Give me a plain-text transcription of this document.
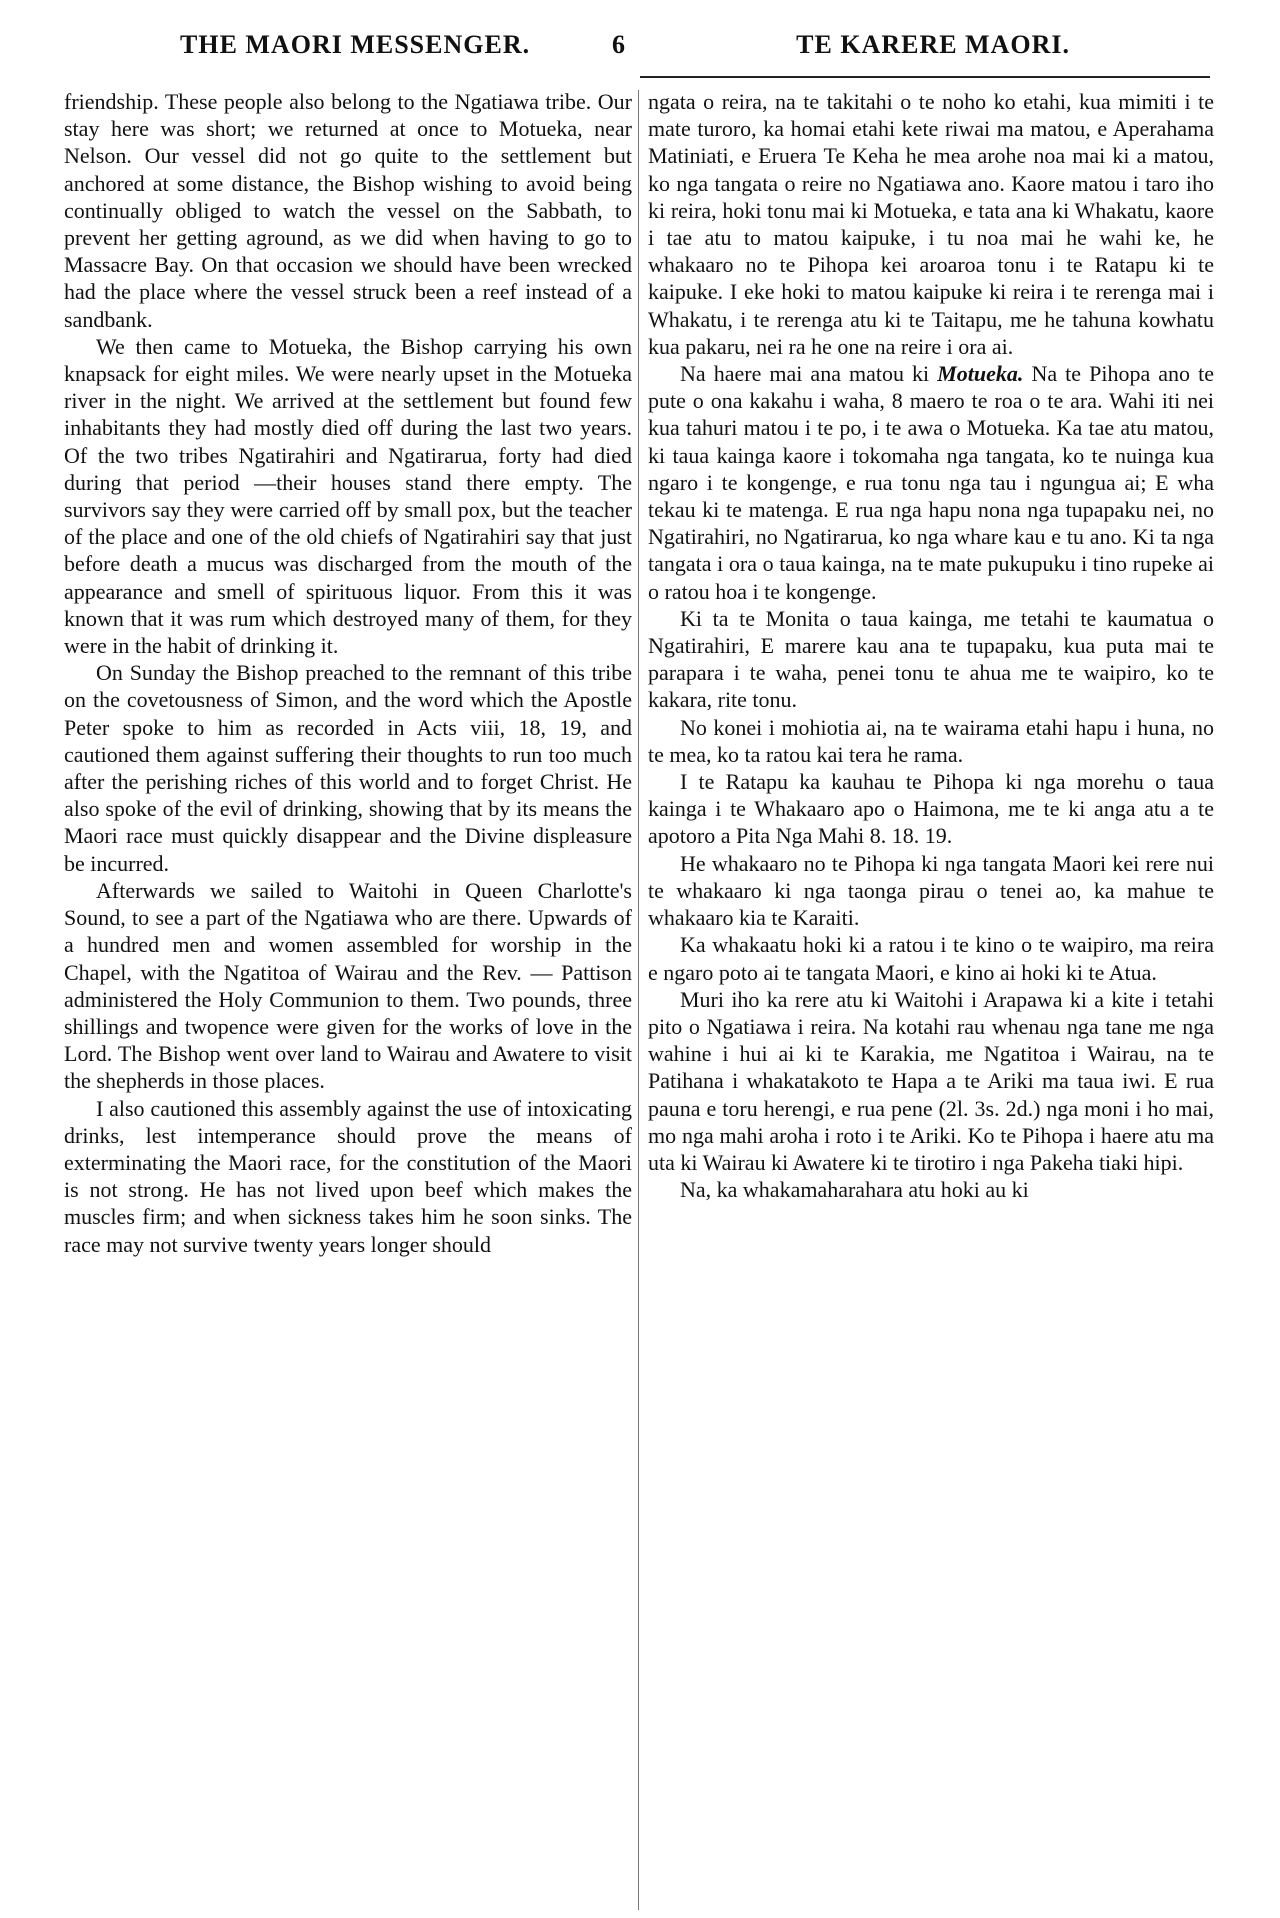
THE MAORI MESSENGER.	6	TE KARERE MAORI.

friendship. These people also belong to the Ngatiawa tribe. Our stay here was short; we returned at once to Motueka, near Nelson. Our vessel did not go quite to the settlement but anchored at some distance, the Bishop wishing to avoid being continually obliged to watch the vessel on the Sabbath, to prevent her getting aground, as we did when having to go to Massacre Bay. On that occasion we should have been wrecked had the place where the vessel struck been a reef instead of a sandbank.

We then came to Motueka, the Bishop carrying his own knapsack for eight miles. We were nearly upset in the Motueka river in the night. We arrived at the settlement but found few inhabitants they had mostly died off during the last two years. Of the two tribes Ngatirahiri and Ngatirarua, forty had died during that period —their houses stand there empty. The survivors say they were carried off by small pox, but the teacher of the place and one of the old chiefs of Ngatirahiri say that just before death a mucus was discharged from the mouth of the appearance and smell of spirituous liquor. From this it was known that it was rum which destroyed many of them, for they were in the habit of drinking it.

On Sunday the Bishop preached to the remnant of this tribe on the covetousness of Simon, and the word which the Apostle Peter spoke to him as recorded in Acts viii, 18, 19, and cautioned them against suffering their thoughts to run too much after the perishing riches of this world and to forget Christ. He also spoke of the evil of drinking, showing that by its means the Maori race must quickly disappear and the Divine displeasure be incurred.

Afterwards we sailed to Waitohi in Queen Charlotte's Sound, to see a part of the Ngatiawa who are there. Upwards of a hundred men and women assembled for worship in the Chapel, with the Ngatitoa of Wairau and the Rev. — Pattison administered the Holy Communion to them. Two pounds, three shillings and twopence were given for the works of love in the Lord. The Bishop went over land to Wairau and Awatere to visit the shepherds in those places.

I also cautioned this assembly against the use of intoxicating drinks, lest intemperance should prove the means of exterminating the Maori race, for the constitution of the Maori is not strong. He has not lived upon beef which makes the muscles firm; and when sickness takes him he soon sinks. The race may not survive twenty years longer should

ngata o reira, na te takitahi o te noho ko etahi, kua mimiti i te mate turoro, ka homai etahi kete riwai ma matou, e Aperahama Matiniati, e Eruera Te Keha he mea arohe noa mai ki a matou, ko nga tangata o reire no Ngatiawa ano. Kaore matou i taro iho ki reira, hoki tonu mai ki Motueka, e tata ana ki Whakatu, kaore i tae atu to matou kaipuke, i tu noa mai he wahi ke, he whakaaro no te Pihopa kei aroaroa tonu i te Ratapu ki te kaipuke. I eke hoki to matou kaipuke ki reira i te rerenga mai i Whakatu, i te rerenga atu ki te Taitapu, me he tahuna kowhatu kua pakaru, nei ra he one na reire i ora ai.

Na haere mai ana matou ki Motueka. Na te Pihopa ano te pute o ona kakahu i waha, 8 maero te roa o te ara. Wahi iti nei kua tahuri matou i te po, i te awa o Motueka. Ka tae atu matou, ki taua kainga kaore i tokomaha nga tangata, ko te nuinga kua ngaro i te kongenge, e rua tonu nga tau i ngungua ai; E wha tekau ki te matenga. E rua nga hapu nona nga tupapaku nei, no Ngatirahiri, no Ngatirarua, ko nga whare kau e tu ano. Ki ta nga tangata i ora o taua kainga, na te mate pukupuku i tino rupeke ai o ratou hoa i te kongenge.

Ki ta te Monita o taua kainga, me tetahi te kaumatua o Ngatirahiri, E marere kau ana te tupapaku, kua puta mai te parapara i te waha, penei tonu te ahua me te waipiro, ko te kakara, rite tonu.

No konei i mohiotia ai, na te wairama etahi hapu i huna, no te mea, ko ta ratou kai tera he rama.

I te Ratapu ka kauhau te Pihopa ki nga morehu o taua kainga i te Whakaaro apo o Haimona, me te ki anga atu a te apotoro a Pita Nga Mahi 8. 18. 19.

He whakaaro no te Pihopa ki nga tangata Maori kei rere nui te whakaaro ki nga taonga pirau o tenei ao, ka mahue te whakaaro kia te Karaiti.

Ka whakaatu hoki ki a ratou i te kino o te waipiro, ma reira e ngaro poto ai te tangata Maori, e kino ai hoki ki te Atua.

Muri iho ka rere atu ki Waitohi i Arapawa ki a kite i tetahi pito o Ngatiawa i reira. Na kotahi rau whenau nga tane me nga wahine i hui ai ki te Karakia, me Ngatitoa i Wairau, na te Patihana i whakatakoto te Hapa a te Ariki ma taua iwi. E rua pauna e toru herengi, e rua pene (2l. 3s. 2d.) nga moni i ho mai, mo nga mahi aroha i roto i te Ariki. Ko te Pihopa i haere atu ma uta ki Wairau ki Awatere ki te tirotiro i nga Pakeha tiaki hipi.

Na, ka whakamaharahara atu hoki au ki
